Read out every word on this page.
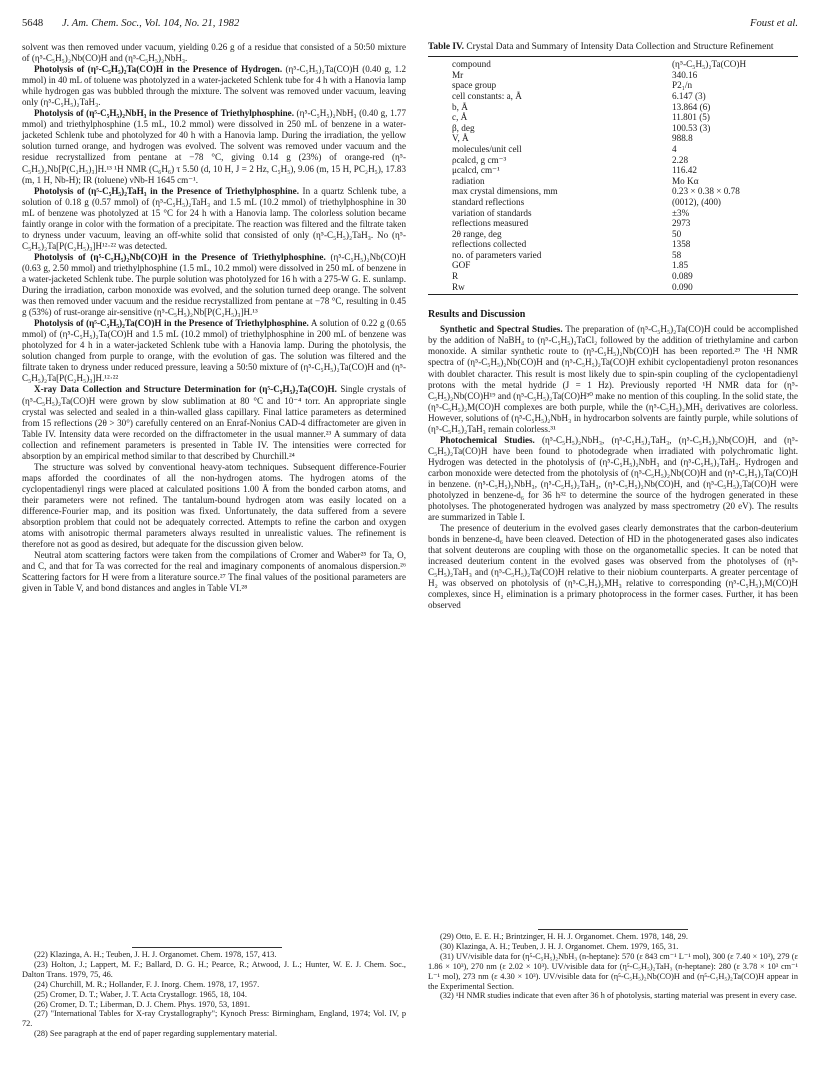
5648 J. Am. Chem. Soc., Vol. 104, No. 21, 1982	Foust et al.

solvent was then removed under vacuum, yielding 0.26 g of a residue that consisted of a 50:50 mixture of (η⁵-C₅H₅)₂Nb(CO)H and (η⁵-C₅H₅)₂NbH₃.

Photolysis of (η⁵-C₅H₅)₂Ta(CO)H in the Presence of Hydrogen. (η⁵-C₅H₅)₂Ta(CO)H (0.40 g, 1.2 mmol) in 40 mL of toluene was photolyzed in a water-jacketed Schlenk tube for 4 h with a Hanovia lamp while hydrogen gas was bubbled through the mixture. The solvent was removed under vacuum, leaving only (η⁵-C₅H₅)₂TaH₃.

Photolysis of (η⁵-C₅H₅)₂NbH₃ in the Presence of Triethylphosphine. (η⁵-C₅H₅)₂NbH₃ (0.40 g, 1.77 mmol) and triethylphosphine (1.5 mL, 10.2 mmol) were dissolved in 250 mL of benzene in a water-jacketed Schlenk tube and photolyzed for 40 h with a Hanovia lamp. During the irradiation, the yellow solution turned orange, and hydrogen was evolved. The solvent was removed under vacuum and the residue recrystallized from pentane at −78 °C, giving 0.14 g (23%) of orange-red (η⁵-C₅H₅)₂Nb[P(C₂H₅)₃]H.¹³ ¹H NMR (C₆H₆) τ 5.50 (d, 10 H, J = 2 Hz, C₅H₅), 9.06 (m, 15 H, PC₂H₅), 17.83 (m, 1 H, Nb-H); IR (toluene) νNb-H 1645 cm⁻¹.

Photolysis of (η⁵-C₅H₅)₂TaH₃ in the Presence of Triethylphosphine. In a quartz Schlenk tube, a solution of 0.18 g (0.57 mmol) of (η⁵-C₅H₅)₂TaH₃ and 1.5 mL (10.2 mmol) of triethylphosphine in 30 mL of benzene was photolyzed at 15 °C for 24 h with a Hanovia lamp. The colorless solution became faintly orange in color with the formation of a precipitate. The reaction was filtered and the filtrate taken to dryness under vacuum, leaving an off-white solid that consisted of only (η⁵-C₅H₅)₂TaH₃. No (η⁵-C₅H₅)₂Ta[P(C₂H₅)₃]H¹²·²² was detected.

Photolysis of (η⁵-C₅H₅)₂Nb(CO)H in the Presence of Triethylphosphine. (η⁵-C₅H₅)₂Nb(CO)H (0.63 g, 2.50 mmol) and triethylphosphine (1.5 mL, 10.2 mmol) were dissolved in 250 mL of benzene in a water-jacketed Schlenk tube. The purple solution was photolyzed for 16 h with a 275-W G. E. sunlamp. During the irradiation, carbon monoxide was evolved, and the solution turned deep orange. The solvent was then removed under vacuum and the residue recrystallized from pentane at −78 °C, resulting in 0.45 g (53%) of rust-orange air-sensitive (η⁵-C₅H₅)₂Nb[P(C₂H₅)₃]H.¹³

Photolysis of (η⁵-C₅H₅)₂Ta(CO)H in the Presence of Triethylphosphine. A solution of 0.22 g (0.65 mmol) of (η⁵-C₅H₅)₂Ta(CO)H and 1.5 mL (10.2 mmol) of triethylphosphine in 200 mL of benzene was photolyzed for 4 h in a water-jacketed Schlenk tube with a Hanovia lamp. During the photolysis, the solution changed from purple to orange, with the evolution of gas. The solution was filtered and the filtrate taken to dryness under reduced pressure, leaving a 50:50 mixture of (η⁵-C₅H₅)₂Ta(CO)H and (η⁵-C₅H₅)₂Ta[P(C₂H₅)₃]H.¹²·²²

X-ray Data Collection and Structure Determination for (η⁵-C₅H₅)₂Ta(CO)H. Single crystals of (η⁵-C₅H₅)₂Ta(CO)H were grown by slow sublimation at 80 °C and 10⁻⁴ torr. An appropriate single crystal was selected and sealed in a thin-walled glass capillary. Final lattice parameters as determined from 15 reflections (2θ > 30°) carefully centered on an Enraf-Nonius CAD-4 diffractometer are given in Table IV. Intensity data were recorded on the diffractometer in the usual manner.²³ A summary of data collection and refinement parameters is presented in Table IV. The intensities were corrected for absorption by an empirical method similar to that described by Churchill.²⁴

The structure was solved by conventional heavy-atom techniques. Subsequent difference-Fourier maps afforded the coordinates of all the non-hydrogen atoms. The hydrogen atoms of the cyclopentadienyl rings were placed at calculated positions 1.00 Å from the bonded carbon atoms, and their parameters were not refined. The tantalum-bound hydrogen atom was easily located on a difference-Fourier map, and its position was fixed. Unfortunately, the data suffered from a severe absorption problem that could not be adequately corrected. Attempts to refine the carbon and oxygen atoms with anisotropic thermal parameters always resulted in unrealistic values. The refinement is therefore not as good as desired, but adequate for the discussion given below.

Neutral atom scattering factors were taken from the compilations of Cromer and Waber²⁵ for Ta, O, and C, and that for Ta was corrected for the real and imaginary components of anomalous dispersion.²⁶ Scattering factors for H were from a literature source.²⁷ The final values of the positional parameters are given in Table V, and bond distances and angles in Table VI.²⁸

Table IV. Crystal Data and Summary of Intensity Data Collection and Structure Refinement
compound	(η⁵-C₅H₅)₂Ta(CO)H
Mr	340.16
space group	P2₁/n
cell constants: a, Å	6.147 (3)
b, Å	13.864 (6)
c, Å	11.801 (5)
β, deg	100.53 (3)
V, Å	988.8
molecules/unit cell	4
ρcalcd, g cm⁻³	2.28
μcalcd, cm⁻¹	116.42
radiation	Mo Kα
max crystal dimensions, mm	0.23 × 0.38 × 0.78
standard reflections	(0012), (400)
variation of standards	±3%
reflections measured	2973
2θ range, deg	50
reflections collected	1358
no. of parameters varied	58
GOF	1.85
R	0.089
Rw	0.090
Results and Discussion

Synthetic and Spectral Studies. The preparation of (η⁵-C₅H₅)₂Ta(CO)H could be accomplished by the addition of NaBH₄ to (η⁵-C₅H₅)₂TaCl₂ followed by the addition of triethylamine and carbon monoxide. A similar synthetic route to (η⁵-C₅H₅)₂Nb(CO)H has been reported.²⁹ The ¹H NMR spectra of (η⁵-C₅H₅)₂Nb(CO)H and (η⁵-C₅H₅)₂Ta(CO)H exhibit cyclopentadienyl proton resonances with doublet character. This result is most likely due to spin-spin coupling of the cyclopentadienyl protons with the metal hydride (J = 1 Hz). Previously reported ¹H NMR data for (η⁵-C₅H₅)₂Nb(CO)H¹⁹ and (η⁵-C₅H₅)₂Ta(CO)H³⁰ make no mention of this coupling. In the solid state, the (η⁵-C₅H₅)₂M(CO)H complexes are both purple, while the (η⁵-C₅H₅)₂MH₃ derivatives are colorless. However, solutions of (η⁵-C₅H₅)₂NbH₃ in hydrocarbon solvents are faintly purple, while solutions of (η⁵-C₅H₅)₂TaH₃ remain colorless.³¹

Photochemical Studies. (η⁵-C₅H₅)₂NbH₃, (η⁵-C₅H₅)₂TaH₃, (η⁵-C₅H₅)₂Nb(CO)H, and (η⁵-C₅H₅)₂Ta(CO)H have been found to photodegrade when irradiated with polychromatic light. Hydrogen was detected in the photolysis of (η⁵-C₅H₅)₂NbH₃ and (η⁵-C₅H₅)₂TaH₃. Hydrogen and carbon monoxide were detected from the photolysis of (η⁵-C₅H₅)₂Nb(CO)H and (η⁵-C₅H₅)₂Ta(CO)H in benzene. (η⁵-C₅H₅)₂NbH₃, (η⁵-C₅H₅)₂TaH₃, (η⁵-C₅H₅)₂Nb(CO)H, and (η⁵-C₅H₅)₂Ta(CO)H were photolyzed in benzene-d₆ for 36 h³² to determine the source of the hydrogen generated in these photolyses. The photogenerated hydrogen was analyzed by mass spectrometry (20 eV). The results are summarized in Table I.

The presence of deuterium in the evolved gases clearly demonstrates that the carbon-deuterium bonds in benzene-d₆ have been cleaved. Detection of HD in the photogenerated gases also indicates that solvent deuterons are coupling with those on the organometallic species. It can be noted that increased deuterium content in the evolved gases was observed from the photolyses of (η⁵-C₅H₅)₂TaH₃ and (η⁵-C₅H₅)₂Ta(CO)H relative to their niobium counterparts. A greater percentage of H₂ was observed on photolysis of (η⁵-C₅H₅)₂MH₃ relative to corresponding (η⁵-C₅H₅)₂M(CO)H complexes, since H₂ elimination is a primary photoprocess in the former cases. Further, it has been observed

(22) Klazinga, A. H.; Teuben, J. H. J. Organomet. Chem. 1978, 157, 413.
(23) Holton, J.; Lappert, M. F.; Ballard, D. G. H.; Pearce, R.; Atwood, J. L.; Hunter, W. E. J. Chem. Soc., Dalton Trans. 1979, 75, 46.
(24) Churchill, M. R.; Hollander, F. J. Inorg. Chem. 1978, 17, 1957.
(25) Cromer, D. T.; Waber, J. T. Acta Crystallogr. 1965, 18, 104.
(26) Cromer, D. T.; Liberman, D. J. Chem. Phys. 1970, 53, 1891.
(27) "International Tables for X-ray Crystallography"; Kynoch Press: Birmingham, England, 1974; Vol. IV, p 72.
(28) See paragraph at the end of paper regarding supplementary material.
(29) Otto, E. E. H.; Brintzinger, H. H. J. Organomet. Chem. 1978, 148, 29.
(30) Klazinga, A. H.; Teuben, J. H. J. Organomet. Chem. 1979, 165, 31.
(31) UV/visible data for (η⁵-C₅H₅)₂NbH₃ (n-heptane): 570 (ε 843 cm⁻¹ L⁻¹ mol), 300 (ε 7.40 × 10³), 279 (ε 1.86 × 10³), 270 nm (ε 2.02 × 10³). UV/visible data for (η⁵-C₅H₅)₂TaH₃ (n-heptane): 280 (ε 3.78 × 10³ cm⁻¹ L⁻¹ mol), 273 nm (ε 4.30 × 10³). UV/visible data for (η⁵-C₅H₅)₂Nb(CO)H and (η⁵-C₅H₅)₂Ta(CO)H appear in the Experimental Section.
(32) ¹H NMR studies indicate that even after 36 h of photolysis, starting material was present in every case.
